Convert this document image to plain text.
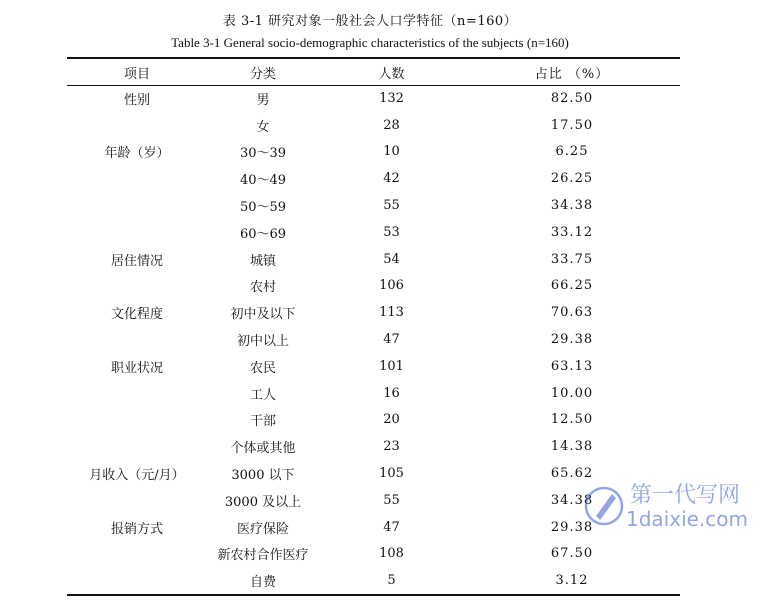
表 3-1 研究对象一般社会人口学特征（n=160）
Table 3-1 General socio-demographic characteristics of the subjects (n=160)
项目	分类	人数	占比 （%）
性别	男	132	82.50
	女	28	17.50
年龄（岁）	30～39	10	6.25
	40～49	42	26.25
	50～59	55	34.38
	60～69	53	33.12
居住情况	城镇	54	33.75
	农村	106	66.25
文化程度	初中及以下	113	70.63
	初中以上	47	29.38
职业状况	农民	101	63.13
	工人	16	10.00
	干部	20	12.50
	个体或其他	23	14.38
月收入（元/月）	3000 以下	105	65.62
	3000 及以上	55	34.38
报销方式	医疗保险	47	29.38
	新农村合作医疗	108	67.50
	自费	5	3.12
第一代写网
1daixie.com
